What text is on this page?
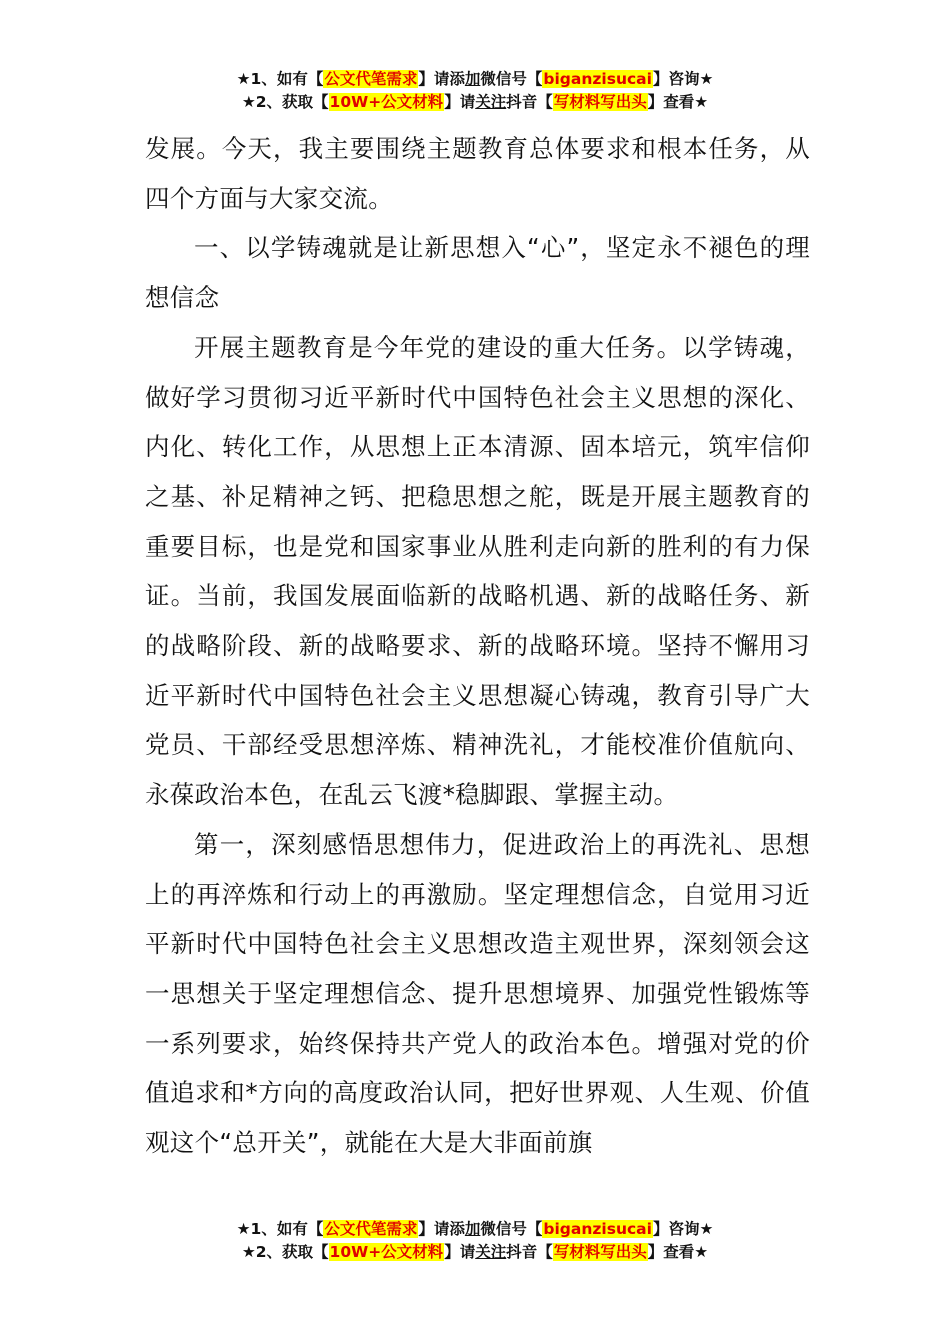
★1、如有【公文代笔需求】请添加微信号【biganzisucai】咨询★
★2、获取【10W+公文材料】请关注抖音【写材料写出头】查看★

发展。今天，我主要围绕主题教育总体要求和根本任务，从四个方面与大家交流。

一、以学铸魂就是让新思想入“心”，坚定永不褪色的理想信念

开展主题教育是今年党的建设的重大任务。以学铸魂，做好学习贯彻习近平新时代中国特色社会主义思想的深化、内化、转化工作，从思想上正本清源、固本培元，筑牢信仰之基、补足精神之钙、把稳思想之舵，既是开展主题教育的重要目标，也是党和国家事业从胜利走向新的胜利的有力保证。当前，我国发展面临新的战略机遇、新的战略任务、新的战略阶段、新的战略要求、新的战略环境。坚持不懈用习近平新时代中国特色社会主义思想凝心铸魂，教育引导广大党员、干部经受思想淬炼、精神洗礼，才能校准价值航向、永葆政治本色，在乱云飞渡*稳脚跟、掌握主动。

第一，深刻感悟思想伟力，促进政治上的再洗礼、思想上的再淬炼和行动上的再激励。坚定理想信念，自觉用习近平新时代中国特色社会主义思想改造主观世界，深刻领会这一思想关于坚定理想信念、提升思想境界、加强党性锻炼等一系列要求，始终保持共产党人的政治本色。增强对党的价值追求和*方向的高度政治认同，把好世界观、人生观、价值观这个“总开关”，就能在大是大非面前旗

★1、如有【公文代笔需求】请添加微信号【biganzisucai】咨询★
★2、获取【10W+公文材料】请关注抖音【写材料写出头】查看★
